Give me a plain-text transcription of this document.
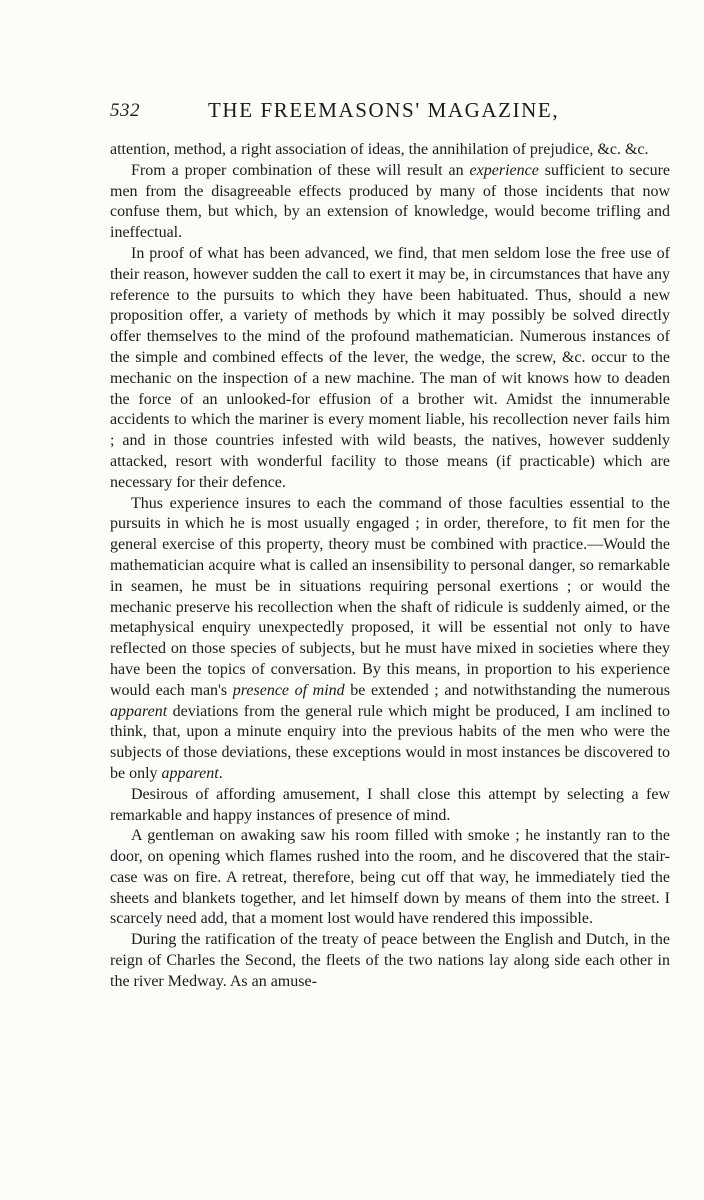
532	THE FREEMASONS' MAGAZINE,

attention, method, a right association of ideas, the annihilation of prejudice, &c. &c.

From a proper combination of these will result an experience sufficient to secure men from the disagreeable effects produced by many of those incidents that now confuse them, but which, by an extension of knowledge, would become trifling and ineffectual.

In proof of what has been advanced, we find, that men seldom lose the free use of their reason, however sudden the call to exert it may be, in circumstances that have any reference to the pursuits to which they have been habituated. Thus, should a new proposition offer, a variety of methods by which it may possibly be solved directly offer themselves to the mind of the profound mathematician. Numerous instances of the simple and combined effects of the lever, the wedge, the screw, &c. occur to the mechanic on the inspection of a new machine. The man of wit knows how to deaden the force of an unlooked-for effusion of a brother wit. Amidst the innumerable accidents to which the mariner is every moment liable, his recollection never fails him ; and in those countries infested with wild beasts, the natives, however suddenly attacked, resort with wonderful facility to those means (if practicable) which are necessary for their defence.

Thus experience insures to each the command of those faculties essential to the pursuits in which he is most usually engaged ; in order, therefore, to fit men for the general exercise of this property, theory must be combined with practice.—Would the mathematician acquire what is called an insensibility to personal danger, so remarkable in seamen, he must be in situations requiring personal exertions ; or would the mechanic preserve his recollection when the shaft of ridicule is suddenly aimed, or the metaphysical enquiry unexpectedly proposed, it will be essential not only to have reflected on those species of subjects, but he must have mixed in societies where they have been the topics of conversation. By this means, in proportion to his experience would each man's presence of mind be extended ; and notwithstanding the numerous apparent deviations from the general rule which might be produced, I am inclined to think, that, upon a minute enquiry into the previous habits of the men who were the subjects of those deviations, these exceptions would in most instances be discovered to be only apparent.

Desirous of affording amusement, I shall close this attempt by selecting a few remarkable and happy instances of presence of mind.

A gentleman on awaking saw his room filled with smoke ; he instantly ran to the door, on opening which flames rushed into the room, and he discovered that the stair-case was on fire. A retreat, therefore, being cut off that way, he immediately tied the sheets and blankets together, and let himself down by means of them into the street. I scarcely need add, that a moment lost would have rendered this impossible.

During the ratification of the treaty of peace between the English and Dutch, in the reign of Charles the Second, the fleets of the two nations lay along side each other in the river Medway. As an amuse-
